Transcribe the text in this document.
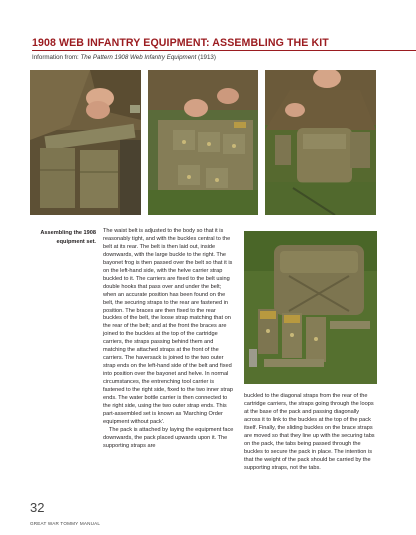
1908 WEB INFANTRY EQUIPMENT: ASSEMBLING THE KIT
Information from: The Pattern 1908 Web Infantry Equipment (1913)
Assembling the 1908 equipment set.

The waist belt is adjusted to the body so that it is reasonably tight, and with the buckles central to the belt at its rear. The belt is then laid out, inside downwards, with the large buckle to the right. The bayonet frog is then passed over the belt so that it is on the left-hand side, with the helve carrier strap buckled to it. The carriers are fixed to the belt using double hooks that pass over and under the belt; when an accurate position has been found on the belt, the securing straps to the rear are fastened in position. The braces are then fixed to the rear buckles of the belt, the loose strap matching that on the rear of the belt; and at the front the braces are joined to the buckles at the top of the cartridge carriers, the straps passing behind them and matching the attached straps at the front of the carriers. The haversack is joined to the two outer strap ends on the left-hand side of the belt and fixed into position over the bayonet and helve. In normal circumstances, the entrenching tool carrier is fastened to the right side, fixed to the two inner strap ends. The water bottle carrier is then connected to the right side, using the two outer strap ends. This part-assembled set is known as 'Marching Order equipment without pack'.

The pack is attached by laying the equipment face downwards, the pack placed upwards upon it. The supporting straps are

buckled to the diagonal straps from the rear of the cartridge carriers, the straps going through the loops at the base of the pack and passing diagonally across it to link to the buckles at the top of the pack itself. Finally, the sliding buckles on the brace straps are moved so that they line up with the securing tabs on the pack, the tabs being passed through the buckles to secure the pack in place. The intention is that the weight of the pack should be carried by the supporting straps, not the tabs.

32
GREAT WAR TOMMY MANUAL
